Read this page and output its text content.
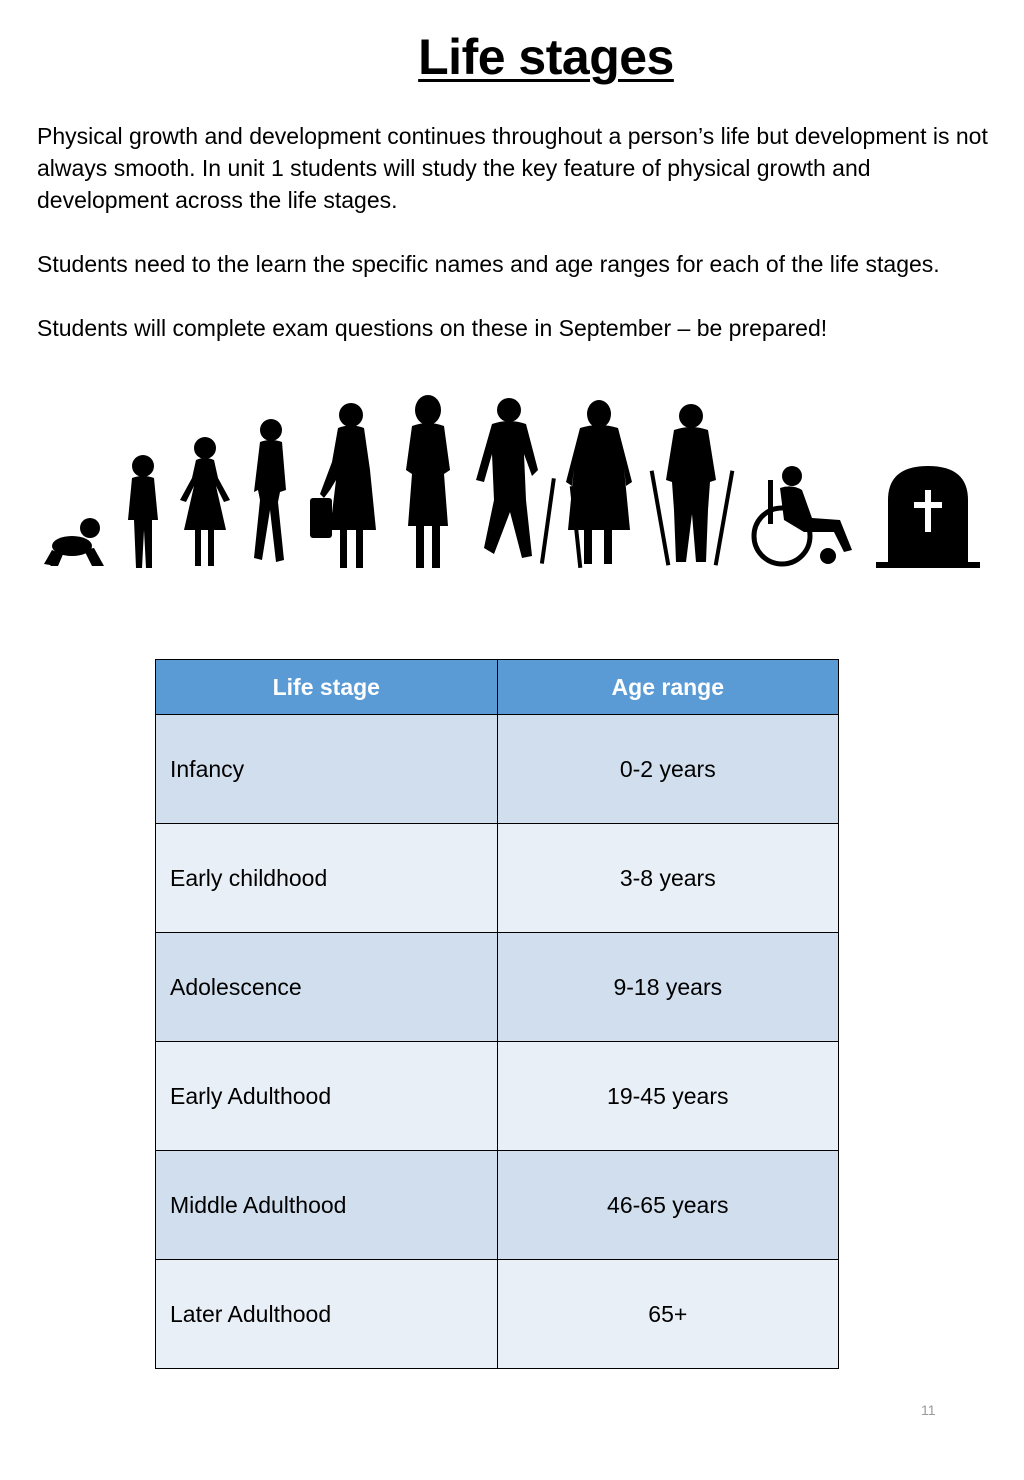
Life stages

Physical growth and development continues throughout a person’s life but development is not always smooth. In unit 1 students will study the key feature of physical growth and development across the life stages.

Students need to the learn the specific names and age ranges for each of the life stages.

Students will complete exam questions on these in September – be prepared!

Life stage	Age range
Infancy	0-2 years
Early childhood	3-8 years
Adolescence	9-18 years
Early Adulthood	19-45 years
Middle Adulthood	46-65 years
Later Adulthood	65+
11
